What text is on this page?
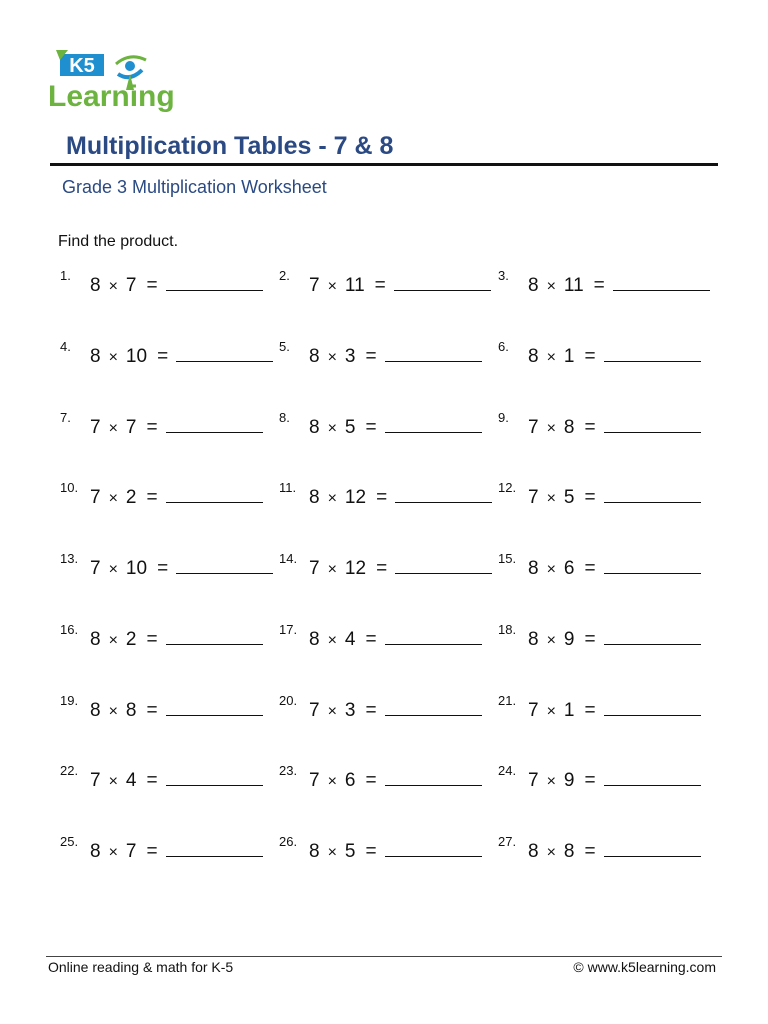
K5
Learning
Multiplication Tables - 7 & 8
Grade 3 Multiplication Worksheet
Find the product.
1. 8 × 7 =	2. 7 × 11 =	3. 8 × 11 =
4. 8 × 10 =	5. 8 × 3 =	6. 8 × 1 =
7. 7 × 7 =	8. 8 × 5 =	9. 7 × 8 =
10. 7 × 2 =	11. 8 × 12 =	12. 7 × 5 =
13. 7 × 10 =	14. 7 × 12 =	15. 8 × 6 =
16. 8 × 2 =	17. 8 × 4 =	18. 8 × 9 =
19. 8 × 8 =	20. 7 × 3 =	21. 7 × 1 =
22. 7 × 4 =	23. 7 × 6 =	24. 7 × 9 =
25. 8 × 7 =	26. 8 × 5 =	27. 8 × 8 =
Online reading & math for K-5	© www.k5learning.com
